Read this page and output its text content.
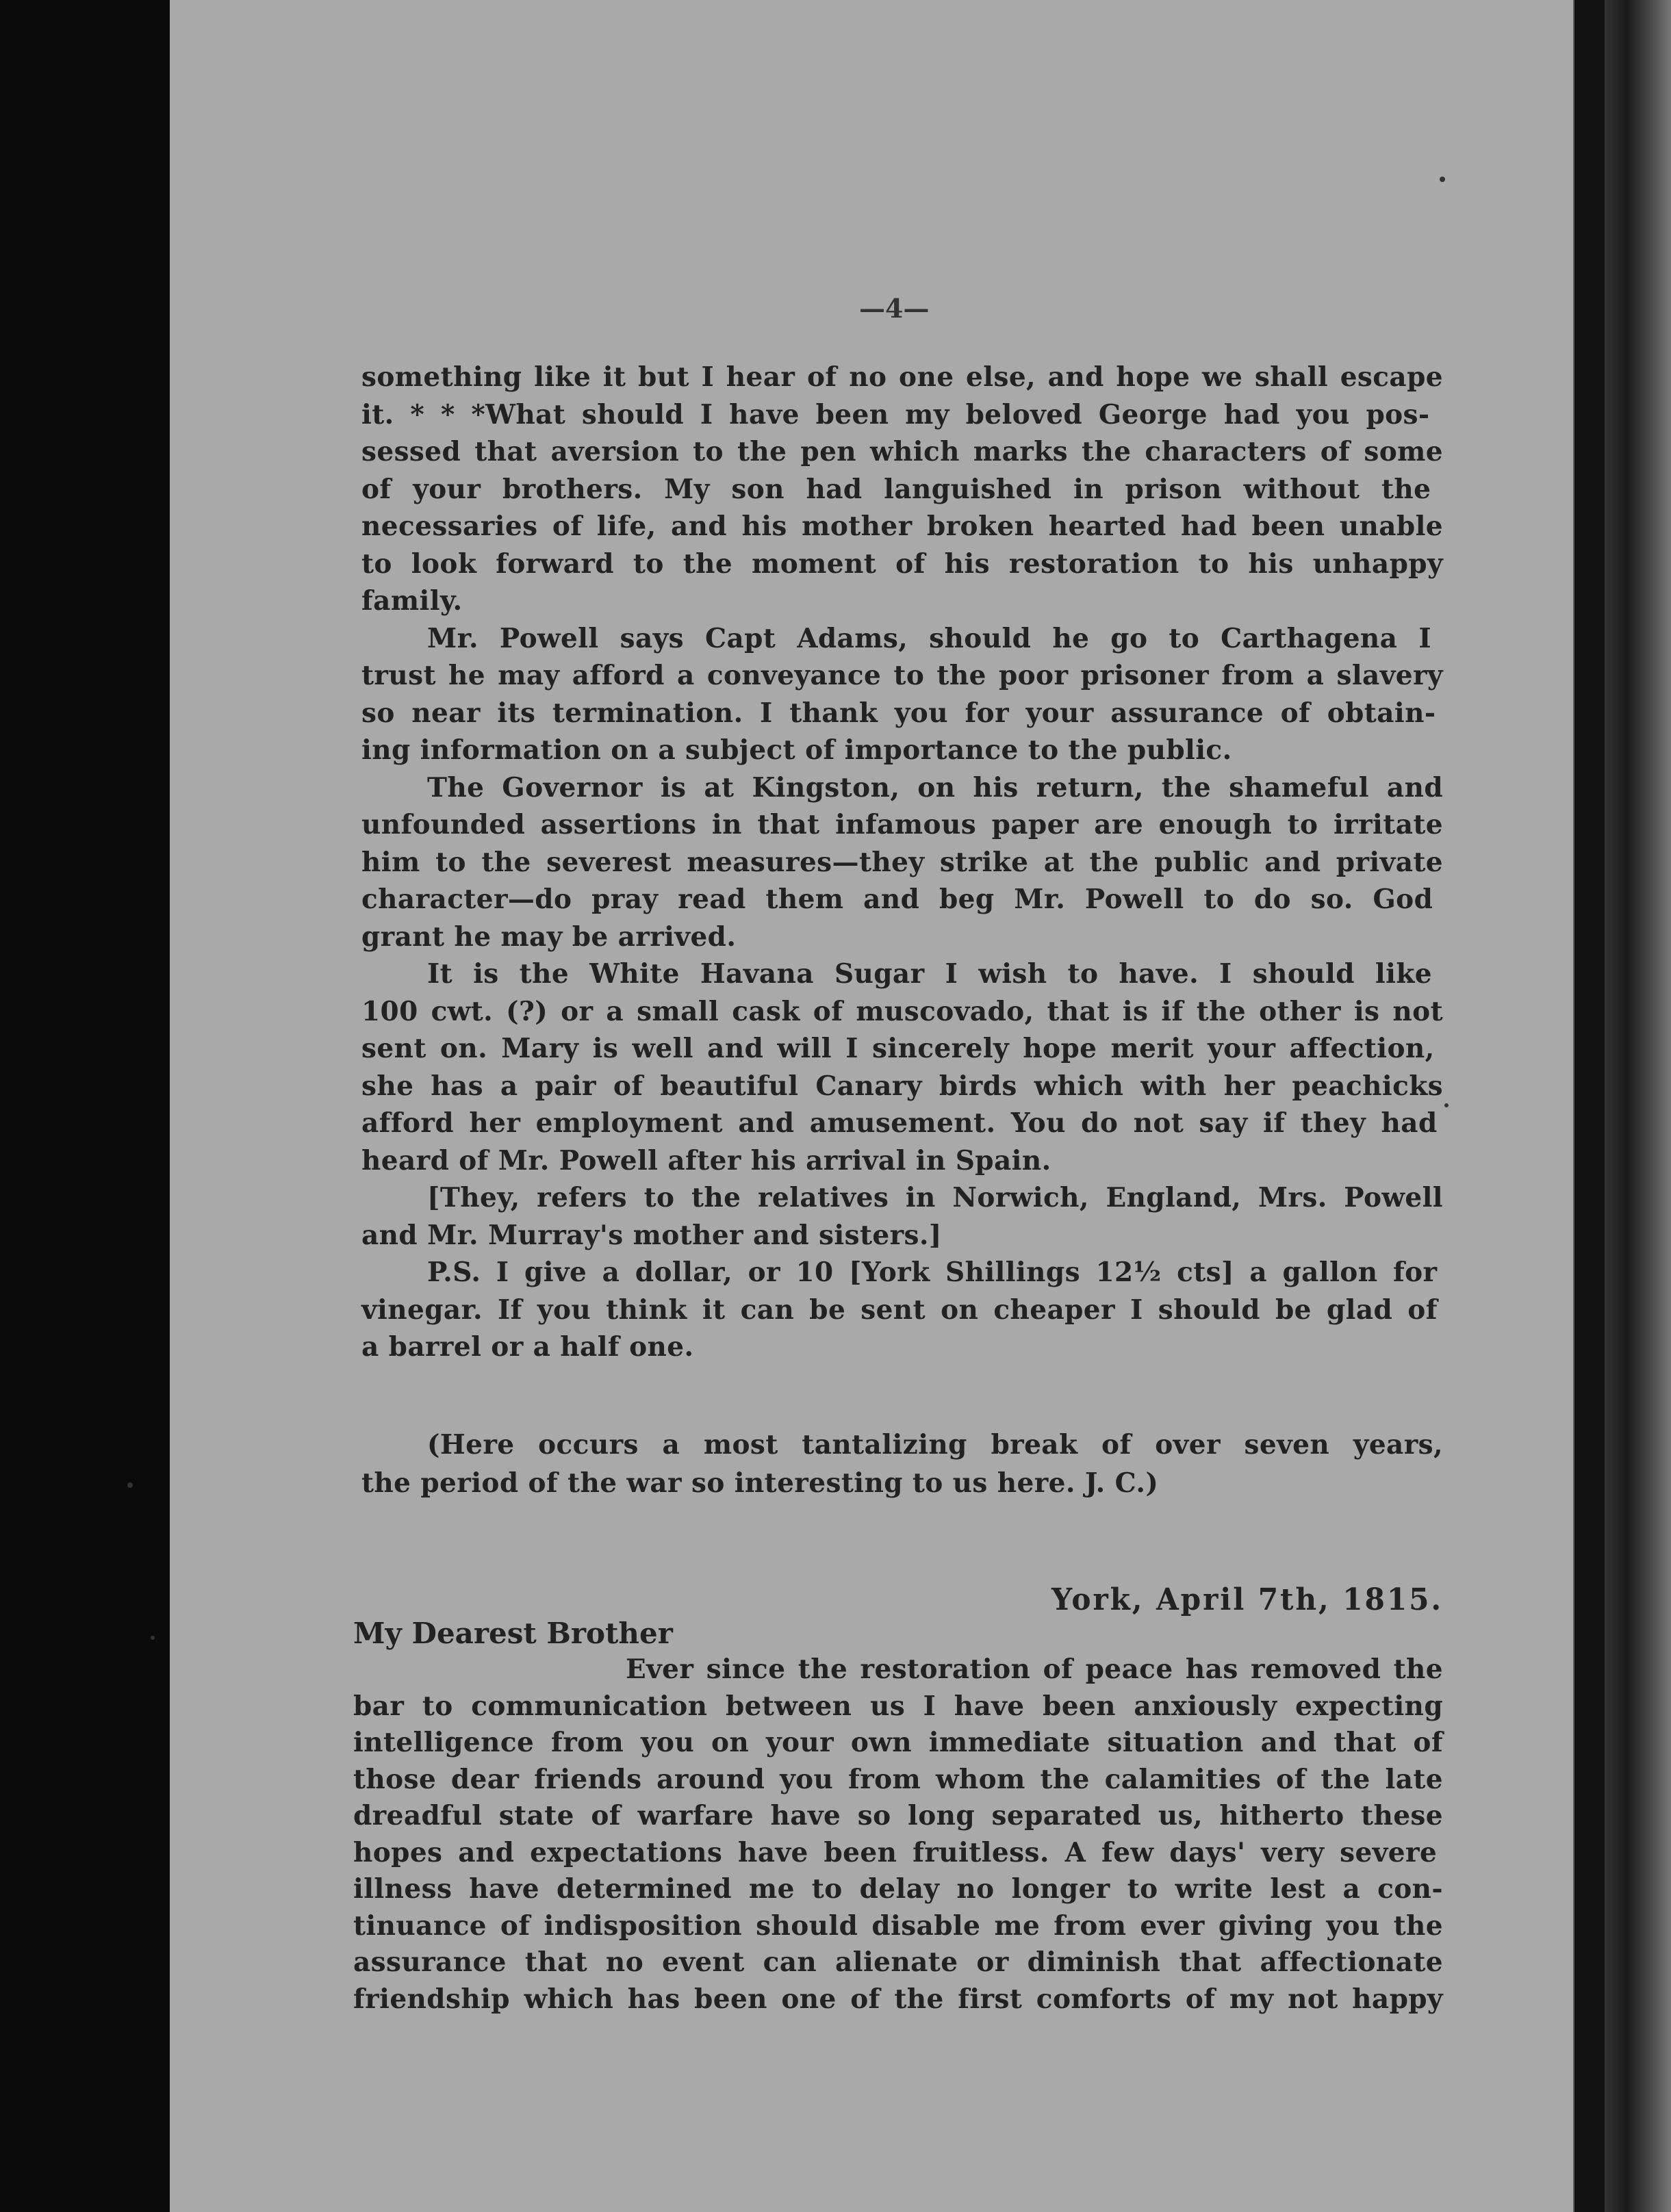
—4—
something like it but I hear of no one else, and hope we shall escape
it. * * *What should I have been my beloved George had you pos-
sessed that aversion to the pen which marks the characters of some
of your brothers. My son had languished in prison without the
necessaries of life, and his mother broken hearted had been unable
to look forward to the moment of his restoration to his unhappy
family.
Mr. Powell says Capt Adams, should he go to Carthagena I
trust he may afford a conveyance to the poor prisoner from a slavery
so near its termination. I thank you for your assurance of obtain-
ing information on a subject of importance to the public.
The Governor is at Kingston, on his return, the shameful and
unfounded assertions in that infamous paper are enough to irritate
him to the severest measures—they strike at the public and private
character—do pray read them and beg Mr. Powell to do so. God
grant he may be arrived.
It is the White Havana Sugar I wish to have. I should like
100 cwt. (?) or a small cask of muscovado, that is if the other is not
sent on. Mary is well and will I sincerely hope merit your affection,
she has a pair of beautiful Canary birds which with her peachicks
afford her employment and amusement. You do not say if they had
heard of Mr. Powell after his arrival in Spain.
[They, refers to the relatives in Norwich, England, Mrs. Powell
and Mr. Murray's mother and sisters.]
P.S. I give a dollar, or 10 [York Shillings 12½ cts] a gallon for
vinegar. If you think it can be sent on cheaper I should be glad of
a barrel or a half one.
(Here occurs a most tantalizing break of over seven years,
the period of the war so interesting to us here. J. C.)
York, April 7th, 1815.
My Dearest Brother
Ever since the restoration of peace has removed the
bar to communication between us I have been anxiously expecting
intelligence from you on your own immediate situation and that of
those dear friends around you from whom the calamities of the late
dreadful state of warfare have so long separated us, hitherto these
hopes and expectations have been fruitless. A few days' very severe
illness have determined me to delay no longer to write lest a con-
tinuance of indisposition should disable me from ever giving you the
assurance that no event can alienate or diminish that affectionate
friendship which has been one of the first comforts of my not happy
